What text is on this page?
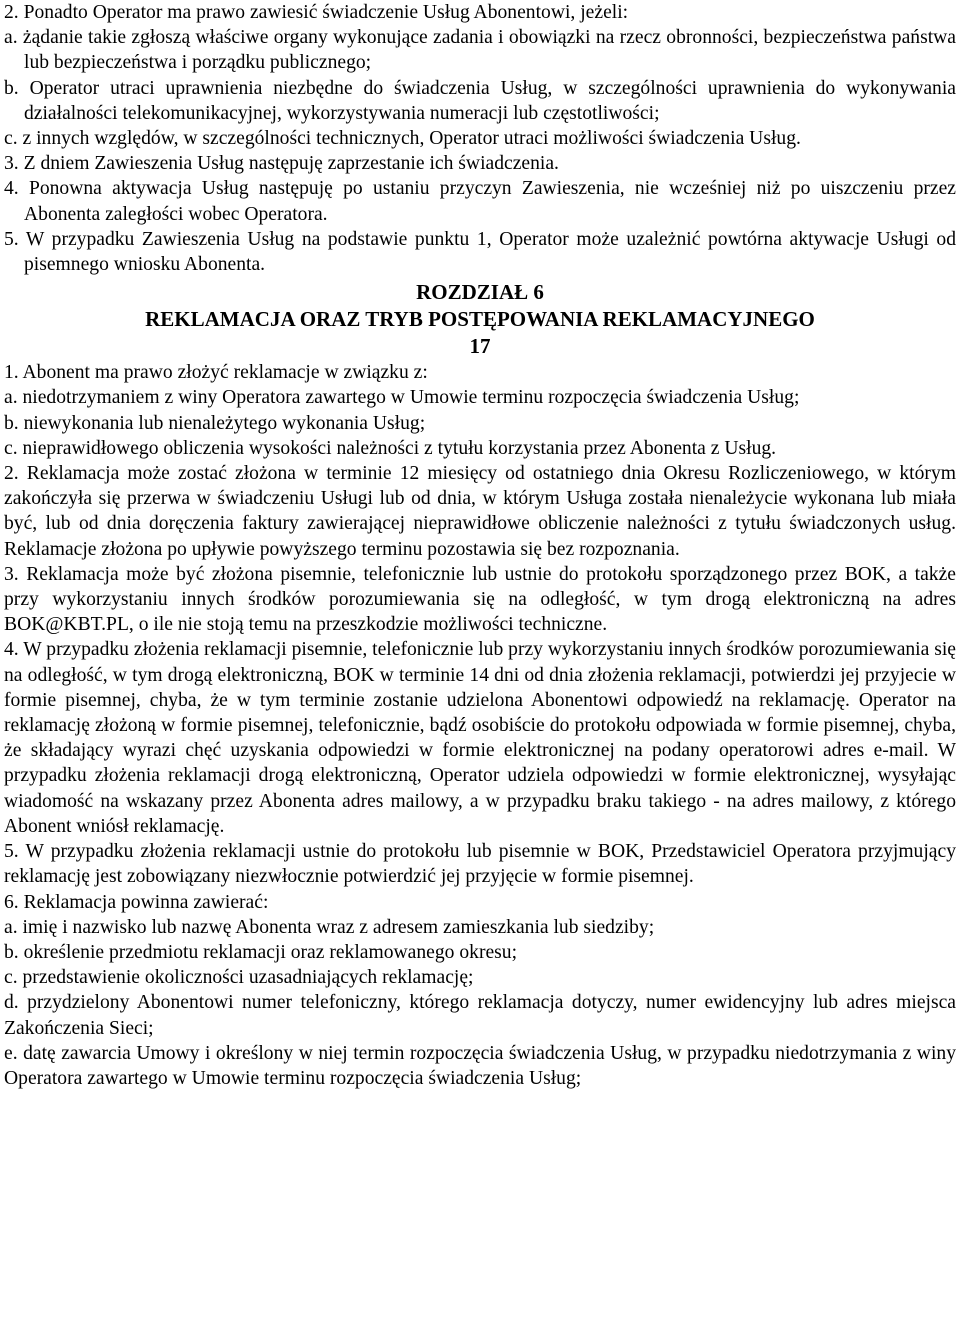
2. Ponadto Operator ma prawo zawiesić świadczenie Usług Abonentowi, jeżeli:

a. żądanie takie zgłoszą właściwe organy wykonujące zadania i obowiązki na rzecz obronności, bezpieczeństwa państwa lub bezpieczeństwa i porządku publicznego;

b. Operator utraci uprawnienia niezbędne do świadczenia Usług, w szczególności uprawnienia do wykonywania działalności telekomunikacyjnej, wykorzystywania numeracji lub częstotliwości;

c. z innych względów, w szczególności technicznych, Operator utraci możliwości świadczenia Usług.

3. Z dniem Zawieszenia Usług następuję zaprzestanie ich świadczenia.

4. Ponowna aktywacja Usług następuję po ustaniu przyczyn Zawieszenia, nie wcześniej niż po uiszczeniu przez Abonenta zaległości wobec Operatora.

5. W przypadku Zawieszenia Usług na podstawie punktu 1, Operator może uzależnić powtórna aktywacje Usługi od pisemnego wniosku Abonenta.

ROZDZIAŁ 6

REKLAMACJA ORAZ TRYB POSTĘPOWANIA REKLAMACYJNEGO

17

1. Abonent ma prawo złożyć reklamacje w związku z:

a. niedotrzymaniem z winy Operatora zawartego w Umowie terminu rozpoczęcia świadczenia Usług;

b. niewykonania lub nienależytego wykonania Usług;

c. nieprawidłowego obliczenia wysokości należności z tytułu korzystania przez Abonenta z Usług.

2. Reklamacja może zostać złożona w terminie 12 miesięcy od ostatniego dnia Okresu Rozliczeniowego, w którym zakończyła się przerwa w świadczeniu Usługi lub od dnia, w którym Usługa została nienależycie wykonana lub miała być, lub od dnia doręczenia faktury zawierającej nieprawidłowe obliczenie należności z tytułu świadczonych usług. Reklamacje złożona po upływie powyższego terminu pozostawia się bez rozpoznania.

3. Reklamacja może być złożona pisemnie, telefonicznie lub ustnie do protokołu sporządzonego przez BOK, a także przy wykorzystaniu innych środków porozumiewania się na odległość, w tym drogą elektroniczną na adres BOK@KBT.PL, o ile nie stoją temu na przeszkodzie możliwości techniczne.

4. W przypadku złożenia reklamacji pisemnie, telefonicznie lub przy wykorzystaniu innych środków porozumiewania się na odległość, w tym drogą elektroniczną, BOK w terminie 14 dni od dnia złożenia reklamacji, potwierdzi jej przyjecie w formie pisemnej, chyba, że w tym terminie zostanie udzielona Abonentowi odpowiedź na reklamację. Operator na reklamację złożoną w formie pisemnej, telefonicznie, bądź osobiście do protokołu odpowiada w formie pisemnej, chyba, że składający wyrazi chęć uzyskania odpowiedzi w formie elektronicznej na podany operatorowi adres e-mail. W przypadku złożenia reklamacji drogą elektroniczną, Operator udziela odpowiedzi w formie elektronicznej, wysyłając wiadomość na wskazany przez Abonenta adres mailowy, a w przypadku braku takiego - na adres mailowy, z którego Abonent wniósł reklamację.

5. W przypadku złożenia reklamacji ustnie do protokołu lub pisemnie w BOK, Przedstawiciel Operatora przyjmujący reklamację jest zobowiązany niezwłocznie potwierdzić jej przyjęcie w formie pisemnej.

6. Reklamacja powinna zawierać:

a. imię i nazwisko lub nazwę Abonenta wraz z adresem zamieszkania lub siedziby;

b. określenie przedmiotu reklamacji oraz reklamowanego okresu;

c. przedstawienie okoliczności uzasadniających reklamację;

d. przydzielony Abonentowi numer telefoniczny, którego reklamacja dotyczy, numer ewidencyjny lub adres miejsca Zakończenia Sieci;

e. datę zawarcia Umowy i określony w niej termin rozpoczęcia świadczenia Usług, w przypadku niedotrzymania z winy Operatora zawartego w Umowie terminu rozpoczęcia świadczenia Usług;
